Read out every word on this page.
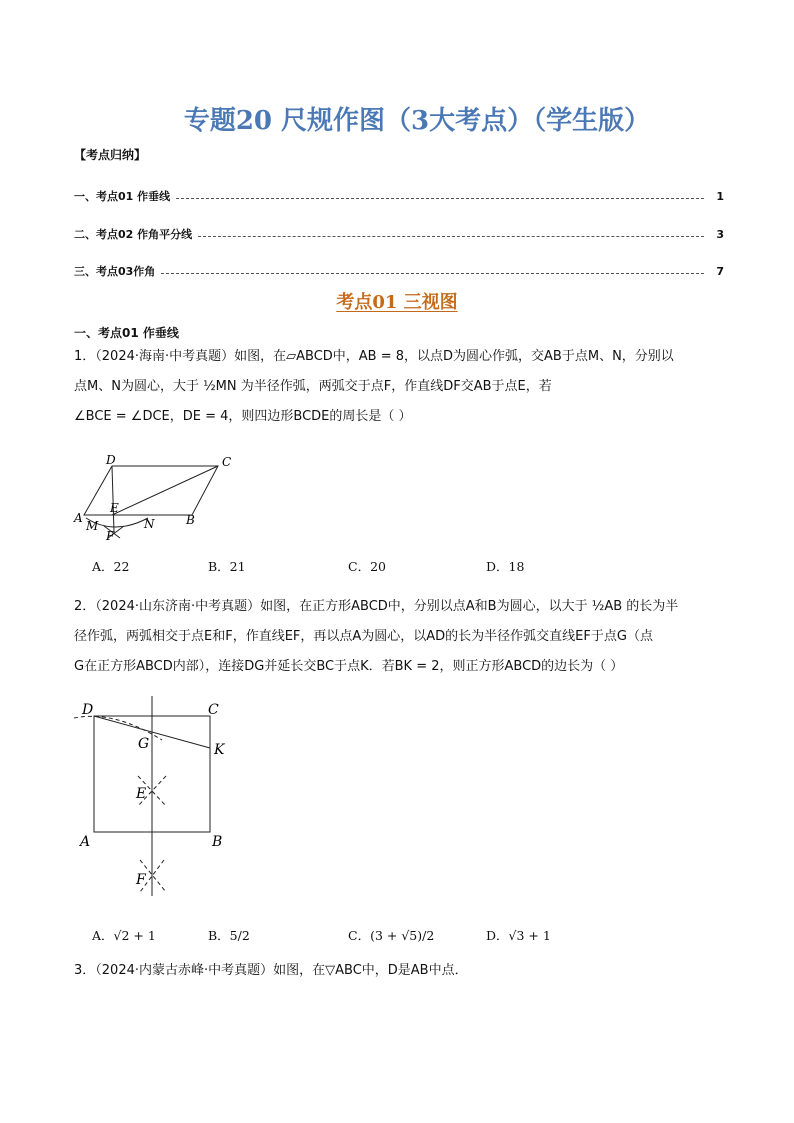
专题20 尺规作图（3大考点）（学生版）
【考点归纳】
一、考点01 作垂线	1
二、考点02 作角平分线	3
三、考点03作角	7
考点01 三视图
一、考点01 作垂线
1．（2024·海南·中考真题）如图，在▱ABCD中，AB = 8，以点D为圆心作弧，交AB于点M、N，分别以
点M、N为圆心，大于 ½MN 为半径作弧，两弧交于点F，作直线DF交AB于点E，若
∠BCE = ∠DCE，DE = 4，则四边形BCDE的周长是（ ）
D	C
E
A
M	N	B
F
A．22	B．21	C．20	D．18
2．（2024·山东济南·中考真题）如图，在正方形ABCD中，分别以点A和B为圆心，以大于 ½AB 的长为半
径作弧，两弧相交于点E和F，作直线EF，再以点A为圆心，以AD的长为半径作弧交直线EF于点G（点
G在正方形ABCD内部），连接DG并延长交BC于点K．若BK = 2，则正方形ABCD的边长为（ ）
D	C
G	K
E
A	B
F
A．√2 + 1	B．5/2	C．(3 + √5)/2	D．√3 + 1
3．（2024·内蒙古赤峰·中考真题）如图，在▽ABC中，D是AB中点．
